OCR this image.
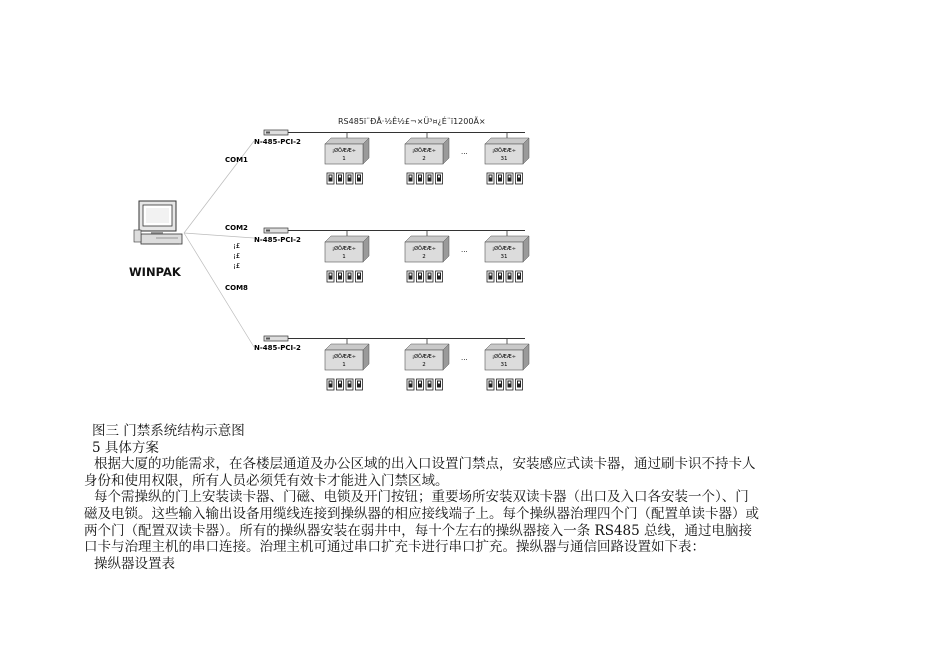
RS485ï¨ÐÅ·½Ê½£¬×Ü³¤¿É¨ï1200Ã×
WINPAK
COM1
COM2
¡£
¡£
¡£
COM8
N-485-PCI-2
¡ØÖÆÆ÷
1
¡ØÖÆÆ÷
2
¡ØÖÆÆ÷
31
...
N-485-PCI-2
¡ØÖÆÆ÷
1
¡ØÖÆÆ÷
2
¡ØÖÆÆ÷
31
...
N-485-PCI-2
¡ØÖÆÆ÷
1
¡ØÖÆÆ÷
2
¡ØÖÆÆ÷
31
...

图三 门禁系统结构示意图

5 具体方案

根据大厦的功能需求，在各楼层通道及办公区域的出入口设置门禁点，安装感应式读卡器，通过刷卡识不持卡人

身份和使用权限，所有人员必须凭有效卡才能进入门禁区域。

每个需操纵的门上安装读卡器、门磁、电锁及开门按钮；重要场所安装双读卡器（出口及入口各安装一个）、门

磁及电锁。这些输入输出设备用缆线连接到操纵器的相应接线端子上。每个操纵器治理四个门（配置单读卡器）或

两个门（配置双读卡器）。所有的操纵器安装在弱井中，每十个左右的操纵器接入一条 RS485 总线，通过电脑接

口卡与治理主机的串口连接。治理主机可通过串口扩充卡进行串口扩充。操纵器与通信回路设置如下表：

操纵器设置表
